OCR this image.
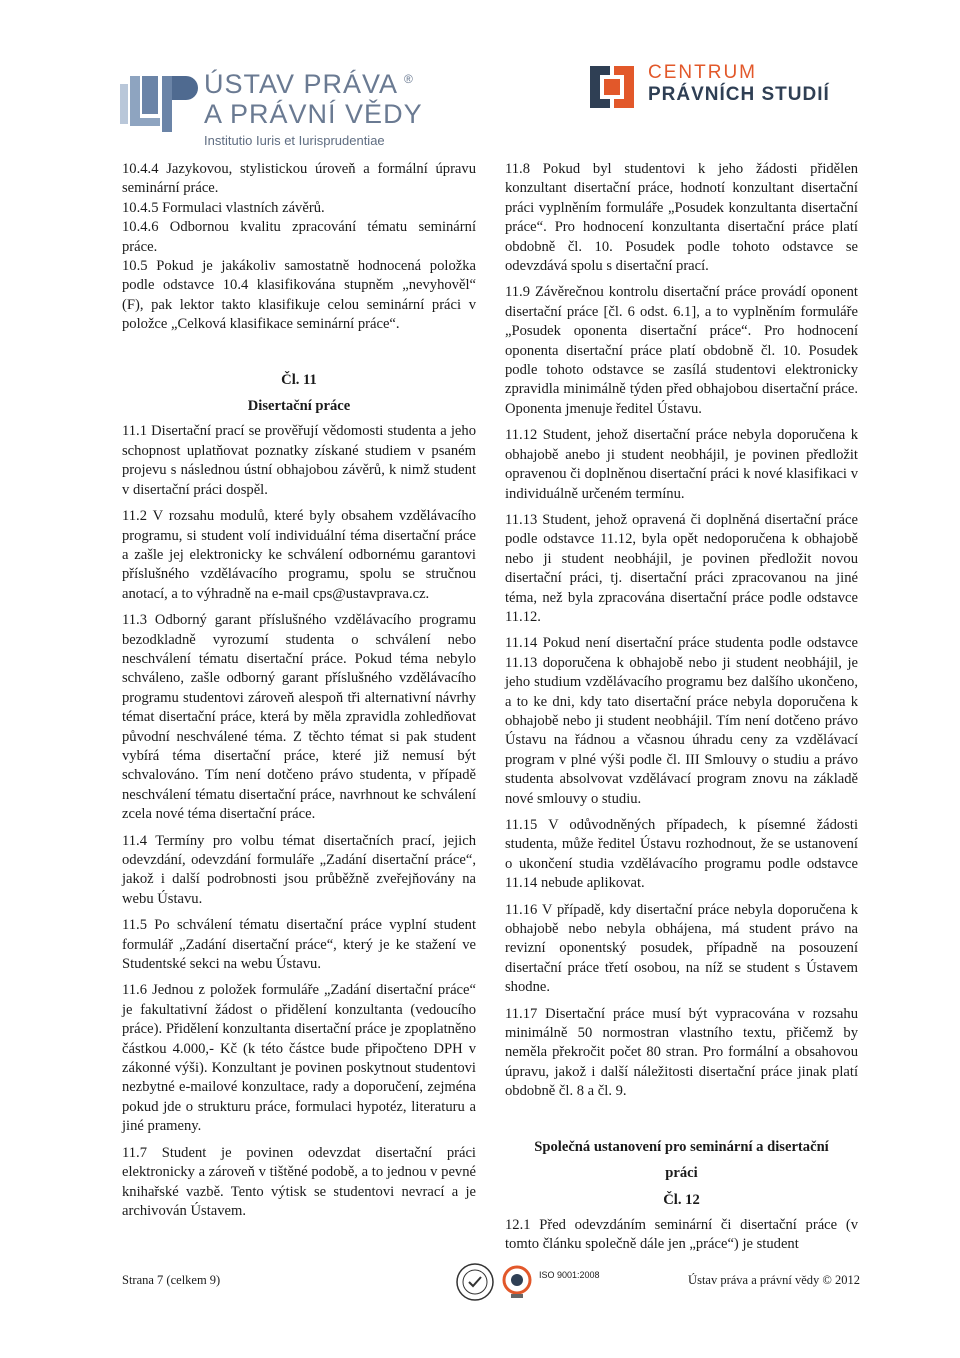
ÚSTAV PRÁVA ®
A PRÁVNÍ VĚDY
Institutio Iuris et Iurisprudentiae
CENTRUM
PRÁVNÍCH STUDIÍ

10.4.4 Jazykovou, stylistickou úroveň a formální úpravu seminární práce.

10.4.5 Formulaci vlastních závěrů.

10.4.6 Odbornou kvalitu zpracování tématu seminární práce.

10.5 Pokud je jakákoliv samostatně hodnocená položka podle odstavce 10.4 klasifikována stupněm „nevyhověl“ (F), pak lektor takto klasifikuje celou seminární práci v položce „Celková klasifikace seminární práce“.

Čl. 11

Disertační práce

11.1 Disertační prací se prověřují vědomosti studenta a jeho schopnost uplatňovat poznatky získané studiem v psaném projevu s následnou ústní obhajobou závěrů, k nimž student v disertační práci dospěl.

11.2 V rozsahu modulů, které byly obsahem vzdělávacího programu, si student volí individuální téma disertační práce a zašle jej elektronicky ke schválení odbornému garantovi příslušného vzdělávacího programu, spolu se stručnou anotací, a to výhradně na e-mail cps@ustavprava.cz.

11.3 Odborný garant příslušného vzdělávacího programu bezodkladně vyrozumí studenta o schválení nebo neschválení tématu disertační práce. Pokud téma nebylo schváleno, zašle odborný garant příslušného vzdělávacího programu studentovi zároveň alespoň tři alternativní návrhy témat disertační práce, která by měla zpravidla zohledňovat původní neschválené téma. Z těchto témat si pak student vybírá téma disertační práce, které již nemusí být schvalováno. Tím není dotčeno právo studenta, v případě neschválení tématu disertační práce, navrhnout ke schválení zcela nové téma disertační práce.

11.4 Termíny pro volbu témat disertačních prací, jejich odevzdání, odevzdání formuláře „Zadání disertační práce“, jakož i další podrobnosti jsou průběžně zveřejňovány na webu Ústavu.

11.5 Po schválení tématu disertační práce vyplní student formulář „Zadání disertační práce“, který je ke stažení ve Studentské sekci na webu Ústavu.

11.6 Jednou z položek formuláře „Zadání disertační práce“ je fakultativní žádost o přidělení konzultanta (vedoucího práce). Přidělení konzultanta disertační práce je zpoplatněno částkou 4.000,- Kč (k této částce bude připočteno DPH v zákonné výši). Konzultant je povinen poskytnout studentovi nezbytné e-mailové konzultace, rady a doporučení, zejména pokud jde o strukturu práce, formulaci hypotéz, literaturu a jiné prameny.

11.7 Student je povinen odevzdat disertační práci elektronicky a zároveň v tištěné podobě, a to jednou v pevné knihařské vazbě. Tento výtisk se studentovi nevrací a je archivován Ústavem.

11.8 Pokud byl studentovi k jeho žádosti přidělen konzultant disertační práce, hodnotí konzultant disertační práci vyplněním formuláře „Posudek konzultanta disertační práce“. Pro hodnocení konzultanta disertační práce platí obdobně čl. 10. Posudek podle tohoto odstavce se odevzdává spolu s disertační prací.

11.9 Závěrečnou kontrolu disertační práce provádí oponent disertační práce [čl. 6 odst. 6.1], a to vyplněním formuláře „Posudek oponenta disertační práce“. Pro hodnocení oponenta disertační práce platí obdobně čl. 10. Posudek podle tohoto odstavce se zasílá studentovi elektronicky zpravidla minimálně týden před obhajobou disertační práce. Oponenta jmenuje ředitel Ústavu.

11.12 Student, jehož disertační práce nebyla doporučena k obhajobě anebo ji student neobhájil, je povinen předložit opravenou či doplněnou disertační práci k nové klasifikaci v individuálně určeném termínu.

11.13 Student, jehož opravená či doplněná disertační práce podle odstavce 11.12, byla opět nedoporučena k obhajobě nebo ji student neobhájil, je povinen předložit novou disertační práci, tj. disertační práci zpracovanou na jiné téma, než byla zpracována disertační práce podle odstavce 11.12.

11.14 Pokud není disertační práce studenta podle odstavce 11.13 doporučena k obhajobě nebo ji student neobhájil, je jeho studium vzdělávacího programu bez dalšího ukončeno, a to ke dni, kdy tato disertační práce nebyla doporučena k obhajobě nebo ji student neobhájil. Tím není dotčeno právo Ústavu na řádnou a včasnou úhradu ceny za vzdělávací program v plné výši podle čl. III Smlouvy o studiu a právo studenta absolvovat vzdělávací program znovu na základě nové smlouvy o studiu.

11.15 V odůvodněných případech, k písemné žádosti studenta, může ředitel Ústavu rozhodnout, že se ustanovení o ukončení studia vzdělávacího programu podle odstavce 11.14 nebude aplikovat.

11.16 V případě, kdy disertační práce nebyla doporučena k obhajobě nebo nebyla obhájena, má student právo na revizní oponentský posudek, případně na posouzení disertační práce třetí osobou, na níž se student s Ústavem shodne.

11.17 Disertační práce musí být vypracována v rozsahu minimálně 50 normostran vlastního textu, přičemž by neměla překročit počet 80 stran. Pro formální a obsahovou úpravu, jakož i další náležitosti disertační práce jinak platí obdobně čl. 8 a čl. 9.

Společná ustanovení pro seminární a disertační

práci

Čl. 12

12.1 Před odevzdáním seminární či disertační práce (v tomto článku společně dále jen „práce“) je student

Strana 7 (celkem 9)	ISO 9001:2008	Ústav práva a právní vědy © 2012
